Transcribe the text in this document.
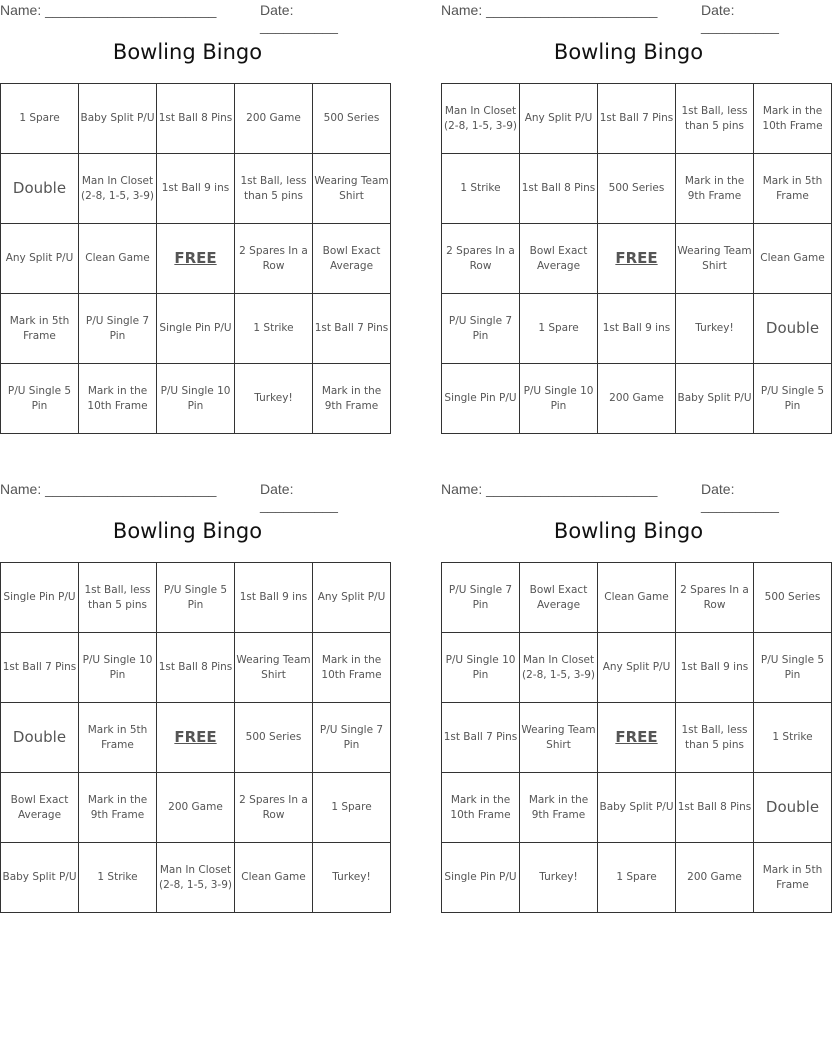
Name: ______________________	Date: __________
Bowling Bingo
1 Spare	Baby Split P/U	1st Ball 8 Pins	200 Game	500 Series
Double	Man In Closet (2-8, 1-5, 3-9)	1st Ball 9 ins	1st Ball, less than 5 pins	Wearing Team Shirt
Any Split P/U	Clean Game	FREE	2 Spares In a Row	Bowl Exact Average
Mark in 5th Frame	P/U Single 7 Pin	Single Pin P/U	1 Strike	1st Ball 7 Pins
P/U Single 5 Pin	Mark in the 10th Frame	P/U Single 10 Pin	Turkey!	Mark in the 9th Frame
Name: ______________________	Date: __________
Bowling Bingo
Man In Closet (2-8, 1-5, 3-9)	Any Split P/U	1st Ball 7 Pins	1st Ball, less than 5 pins	Mark in the 10th Frame
1 Strike	1st Ball 8 Pins	500 Series	Mark in the 9th Frame	Mark in 5th Frame
2 Spares In a Row	Bowl Exact Average	FREE	Wearing Team Shirt	Clean Game
P/U Single 7 Pin	1 Spare	1st Ball 9 ins	Turkey!	Double
Single Pin P/U	P/U Single 10 Pin	200 Game	Baby Split P/U	P/U Single 5 Pin
Name: ______________________	Date: __________
Bowling Bingo
Single Pin P/U	1st Ball, less than 5 pins	P/U Single 5 Pin	1st Ball 9 ins	Any Split P/U
1st Ball 7 Pins	P/U Single 10 Pin	1st Ball 8 Pins	Wearing Team Shirt	Mark in the 10th Frame
Double	Mark in 5th Frame	FREE	500 Series	P/U Single 7 Pin
Bowl Exact Average	Mark in the 9th Frame	200 Game	2 Spares In a Row	1 Spare
Baby Split P/U	1 Strike	Man In Closet (2-8, 1-5, 3-9)	Clean Game	Turkey!
Name: ______________________	Date: __________
Bowling Bingo
P/U Single 7 Pin	Bowl Exact Average	Clean Game	2 Spares In a Row	500 Series
P/U Single 10 Pin	Man In Closet (2-8, 1-5, 3-9)	Any Split P/U	1st Ball 9 ins	P/U Single 5 Pin
1st Ball 7 Pins	Wearing Team Shirt	FREE	1st Ball, less than 5 pins	1 Strike
Mark in the 10th Frame	Mark in the 9th Frame	Baby Split P/U	1st Ball 8 Pins	Double
Single Pin P/U	Turkey!	1 Spare	200 Game	Mark in 5th Frame
